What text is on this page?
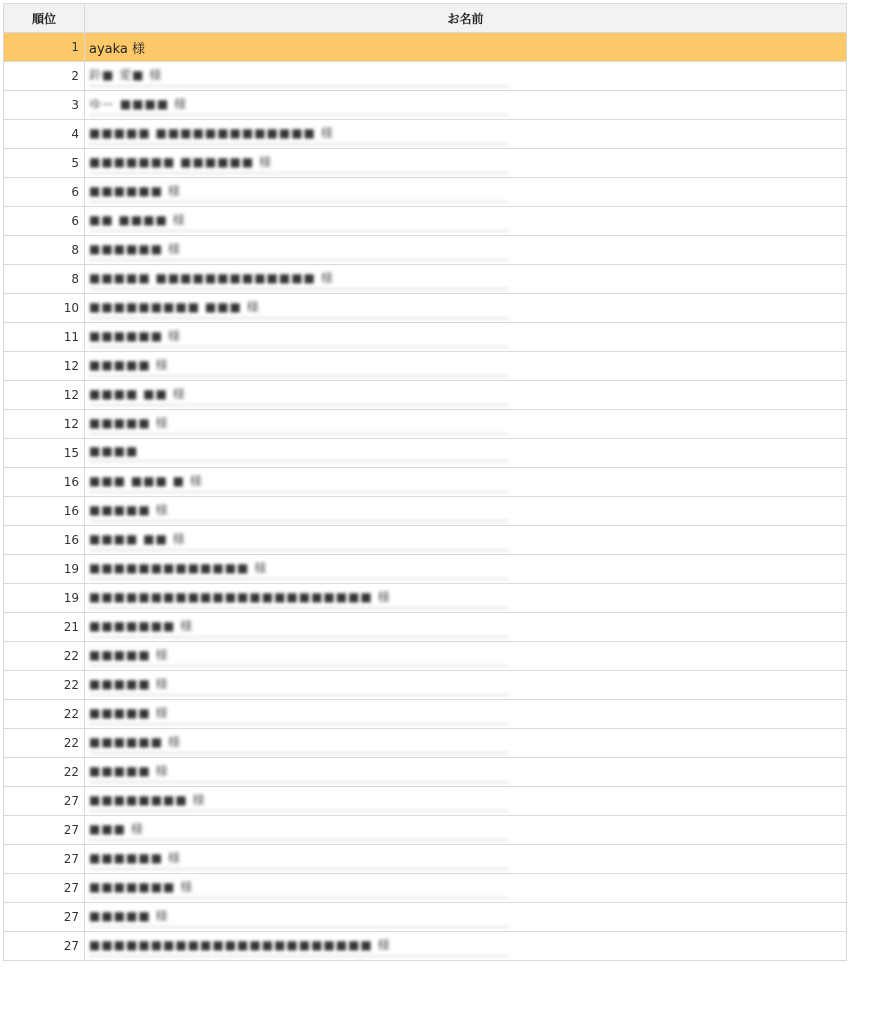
順位	お名前
1	ayaka 様
2	鈴■ 愛■ 様
3	ゆー ■■■■ 様
4	■■■■■ ■■■■■■■■■■■■■ 様
5	■■■■■■■ ■■■■■■ 様
6	■■■■■■ 様
6	■■ ■■■■ 様
8	■■■■■■ 様
8	■■■■■ ■■■■■■■■■■■■■ 様
10	■■■■■■■■■ ■■■ 様
11	■■■■■■ 様
12	■■■■■ 様
12	■■■■ ■■ 様
12	■■■■■ 様
15	■■■■
16	■■■ ■■■ ■ 様
16	■■■■■ 様
16	■■■■ ■■ 様
19	■■■■■■■■■■■■■ 様
19	■■■■■■■■■■■■■■■■■■■■■■■ 様
21	■■■■■■■ 様
22	■■■■■ 様
22	■■■■■ 様
22	■■■■■ 様
22	■■■■■■ 様
22	■■■■■ 様
27	■■■■■■■■ 様
27	■■■ 様
27	■■■■■■ 様
27	■■■■■■■ 様
27	■■■■■ 様
27	■■■■■■■■■■■■■■■■■■■■■■■ 様
